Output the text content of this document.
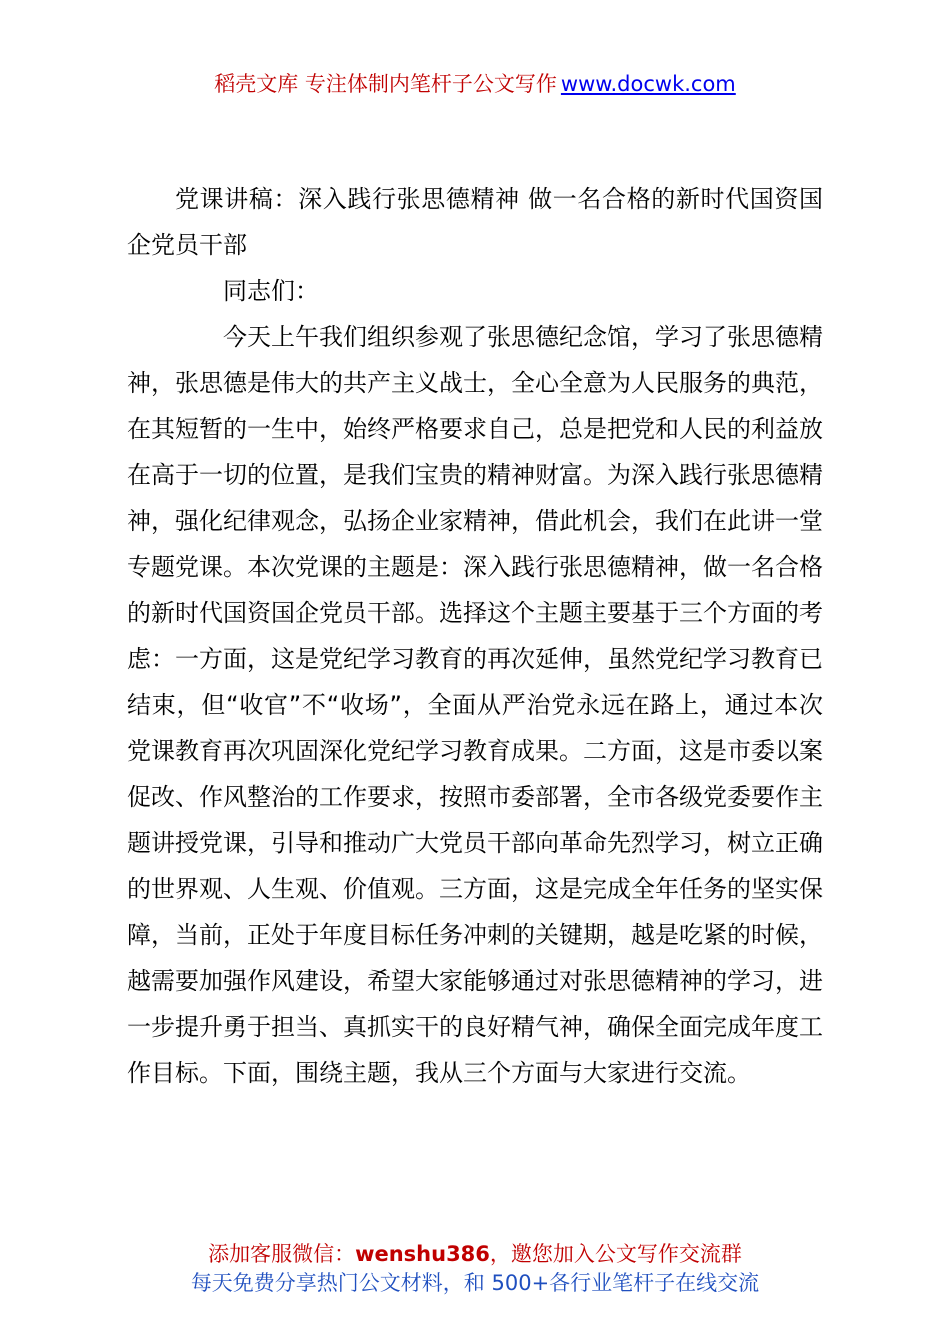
稻壳文库 专注体制内笔杆子公文写作 www.docwk.com

党课讲稿：深入践行张思德精神 做一名合格的新时代国资国企党员干部

同志们：

今天上午我们组织参观了张思德纪念馆，学习了张思德精神，张思德是伟大的共产主义战士，全心全意为人民服务的典范，在其短暂的一生中，始终严格要求自己，总是把党和人民的利益放在高于一切的位置，是我们宝贵的精神财富。为深入践行张思德精神，强化纪律观念，弘扬企业家精神，借此机会，我们在此讲一堂专题党课。本次党课的主题是：深入践行张思德精神，做一名合格的新时代国资国企党员干部。选择这个主题主要基于三个方面的考虑：一方面，这是党纪学习教育的再次延伸，虽然党纪学习教育已结束，但“收官”不“收场”，全面从严治党永远在路上，通过本次党课教育再次巩固深化党纪学习教育成果。二方面，这是市委以案促改、作风整治的工作要求，按照市委部署，全市各级党委要作主题讲授党课，引导和推动广大党员干部向革命先烈学习，树立正确的世界观、人生观、价值观。三方面，这是完成全年任务的坚实保障，当前，正处于年度目标任务冲刺的关键期，越是吃紧的时候，越需要加强作风建设，希望大家能够通过对张思德精神的学习，进一步提升勇于担当、真抓实干的良好精气神，确保全面完成年度工作目标。下面，围绕主题，我从三个方面与大家进行交流。

添加客服微信：wenshu386，邀您加入公文写作交流群
每天免费分享热门公文材料，和 500+各行业笔杆子在线交流
